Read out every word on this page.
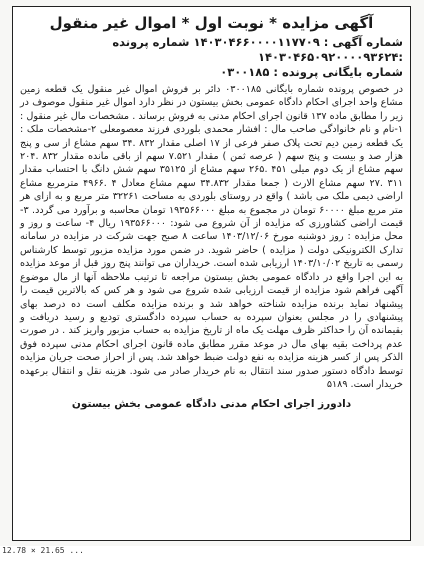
آگهی مزایده * نوبت اول * اموال غیر منقول
شماره آگهی : ۱۴۰۳۰۴۶۶۰۰۰۰۱۱۷۷۰۹ شماره پرونده :۱۴۰۳۰۴۶۵۰۹۲۰۰۰۰۹۳۶۲۴
شماره بایگانی پرونده : ۰۳۰۰۱۸۵

در خصوص پرونده شماره بایگانی ۰۳۰۰۱۸۵ دائر بر فروش اموال غیر منقول یک قطعه زمین مشاع واحد اجرای احکام دادگاه عمومی بخش بیستون در نظر دارد اموال غیر منقول موصوف در زیر را مطابق ماده ۱۳۷ قانون اجرای احکام مدنی به فروش برساند . مشخصات مال غیر منقول : ۱-نام و نام خانوادگی صاحب مال : افشار محمدی بلوردی فرزند معصومعلی ۲-مشخصات ملک : یک قطعه زمین دیم تحت پلاک صفر فرعی از ۱۷ اصلی مقدار ۸۳۲ .۳۴ سهم مشاع از سی و پنج هزار صد و بیست و پنج سهم ( عرصه ثمن ) مقدار ۷.۵۲۱ سهم از باقی مانده مقدار ۸۳۲ .۲۰۴ سهم مشاع از یک دوم میلی ۴۵۱ .۲۶۵ سهم مشاع از ۳۵۱۲۵ سهم شش دانگ با احتساب مقدار ۳۱۱ .۲۷ سهم مشاع الارث ( جمعا مقدار ۳۴.۸۳۲ سهم مشاع معادل ۴ .۴۹۶۶ مترمربع مشاع اراضی دیمی ملک می باشد ) واقع در روستای بلوردی به مساحت ۳۲۲۶۱ متر مربع و به ازای هر متر مربع مبلغ ۶۰۰۰۰ تومان در مجموع به مبلغ ۱۹۳۵۶۶۰۰۰ تومان محاسبه و برآورد می گردد. ۳- قیمت اراضی کشاورزی که مزایده از آن شروع می شود: ۱۹۳۵۶۶۰۰۰ ریال ۴- ساعت و روز و محل مزایده : روز دوشنبه مورخ ۱۴۰۳/۱۲/۰۶ ساعت ۸ صبح جهت شرکت در مزایده در سامانه تدارک الکترونیکی دولت ( مزایده ) حاضر شوید. در ضمن مورد مزایده مزبور توسط کارشناس رسمی به تاریخ ۱۴۰۳/۱۰/۰۲ ارزیابی شده است. خریداران می توانند پنج روز قبل از موعد مزایده به این اجرا واقع در دادگاه عمومی بخش بیستون مراجعه تا ترتیب ملاحظه آنها از مال موضوع آگهی فراهم شود مزایده از قیمت ارزیابی شده شروع می شود و هر کس که بالاترین قیمت را پیشنهاد نماید برنده مزایده شناخته خواهد شد و برنده مزایده مکلف است ده درصد بهای پیشنهادی را در مجلس بعنوان سپرده به حساب سپرده دادگستری تودیع و رسید دریافت و بقیمانده آن را حداکثر ظرف مهلت یک ماه از تاریخ مزایده به حساب مزبور واریز کند . در صورت عدم پرداخت بقیه بهای مال در موعد مقرر مطابق ماده قانون اجرای احکام مدنی سپرده فوق الذکر پس از کسر هزینه مزایده به نفع دولت ضبط خواهد شد. پس از احراز صحت جریان مزایده توسط دادگاه دستور صدور سند انتقال به نام خریدار صادر می شود. هزینه نقل و انتقال برعهده خریدار است. ۵۱۸۹

دادورز اجرای احکام مدنی دادگاه عمومی بخش بیستون
12.78 × 21.65 ...
